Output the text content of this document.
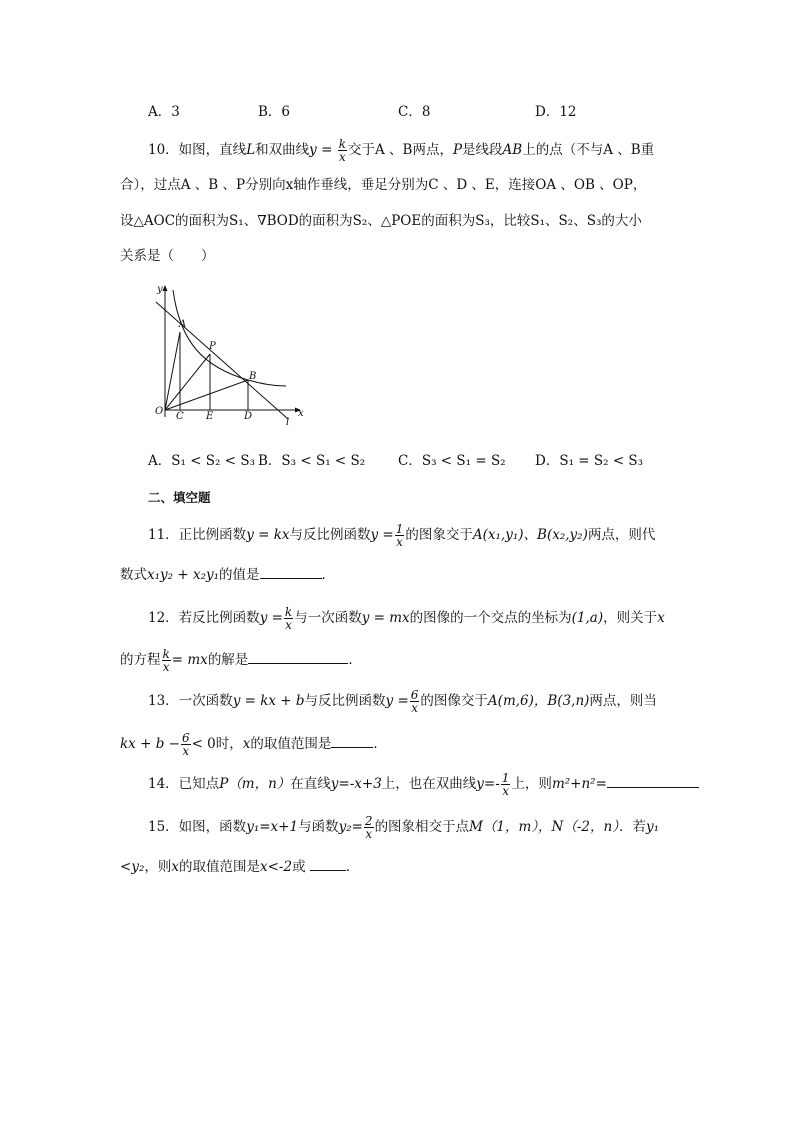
A．3	B．6	C．8	D．12
10．如图，直线L和双曲线$y = \frac{k}{x}$ 交于A 、B两点，P是线段AB上的点（不与A 、B重
合），过点A 、B 、P分别向x轴作垂线，垂足分别为C 、D 、E，连接OA 、OB 、OP，
设△AOC的面积为S₁、∇BOD的面积为S₂、△POE的面积为S₃，比较S₁、S₂、S₃的大小
关系是（　　）
y
x
O
A
P
B
C E	D
l
A．S₁ < S₂ < S₃ B．S₃ < S₁ < S₂ C．S₃ < S₁ = S₂ D．S₁ = S₂ < S₃
二、填空题
11．正比例函数y = kx与反比例函数$y = \frac{1}{x}$ 的图象交于A(x₁,y₁)、B(x₂,y₂)两点，则代
数式x₁y₂ + x₂y₁的值是	．
12．若反比例函数$y = \frac{k}{x}$ 与一次函数y = mx的图像的一个交点的坐标为(1,a)，则关于x
的方程 $\frac{k}{x}$ = mx的解是	．
13．一次函数y = kx + b与反比例函数$y = \frac{6}{x}$ 的图像交于A(m,6)，B(3,n)两点，则当
kx + $b - \frac{6}{x} < 0$时，x的取值范围是	．
14．已知点P（m，n）在直线y=-x+3上，也在双曲线$y=- \frac{1}{x}$ 上，则m²+n²=
15．如图，函数y₁=x+1与函数$y_2= \frac{2}{x}$ 的图象相交于点M（1，m），N（-2，n）．若y₁
<y₂，则x的取值范围是x<-2或	．
